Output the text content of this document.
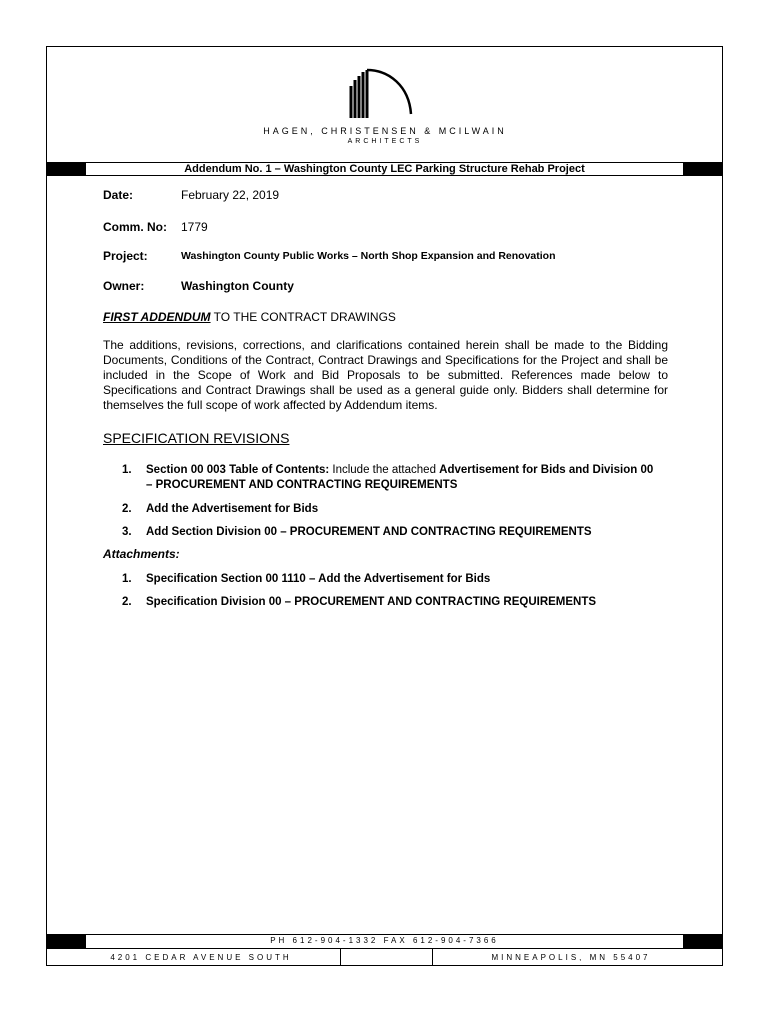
HAGEN, CHRISTENSEN & MCILWAIN
ARCHITECTS
Addendum No. 1 – Washington County LEC Parking Structure Rehab Project
Date:	February 22, 2019
Comm. No: 1779
Project:	Washington County Public Works – North Shop Expansion and Renovation
Owner:	Washington County
FIRST ADDENDUM TO THE CONTRACT DRAWINGS
The additions, revisions, corrections, and clarifications contained herein shall be made to the Bidding Documents, Conditions of the Contract, Contract Drawings and Specifications for the Project and shall be included in the Scope of Work and Bid Proposals to be submitted. References made below to Specifications and Contract Drawings shall be used as a general guide only. Bidders shall determine for themselves the full scope of work affected by Addendum items.
SPECIFICATION REVISIONS
1. Section 00 003 Table of Contents: Include the attached Advertisement for Bids and Division 00 – PROCUREMENT AND CONTRACTING REQUIREMENTS
2. Add the Advertisement for Bids
3. Add Section Division 00 – PROCUREMENT AND CONTRACTING REQUIREMENTS
Attachments:
1. Specification Section 00 1110 – Add the Advertisement for Bids
2. Specification Division 00 – PROCUREMENT AND CONTRACTING REQUIREMENTS
PH 612-904-1332 FAX 612-904-7366
4201 CEDAR AVENUE SOUTH	MINNEAPOLIS, MN 55407
